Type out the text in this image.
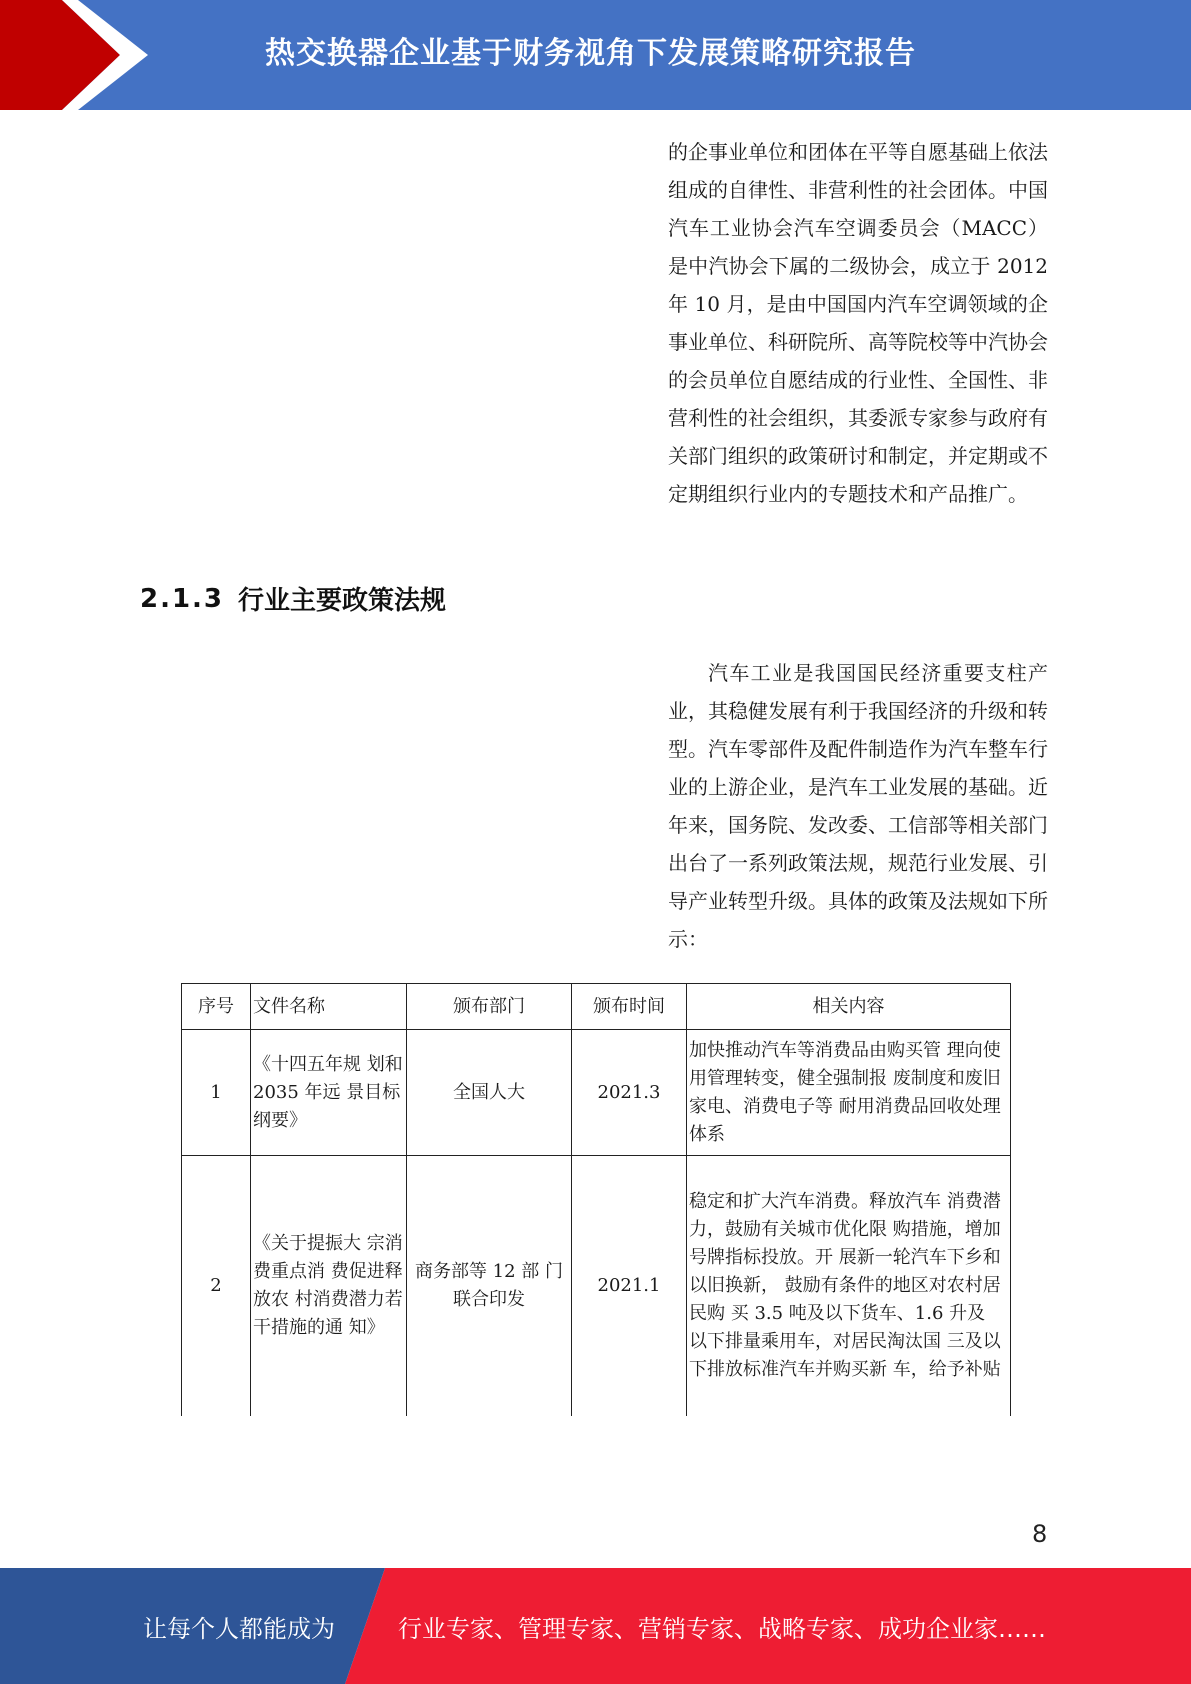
热交换器企业基于财务视角下发展策略研究报告

的企事业单位和团体在平等自愿基础上依法组成的自律性、非营利性的社会团体。中国汽车工业协会汽车空调委员会（MACC）是中汽协会下属的二级协会，成立于 2012 年 10 月，是由中国国内汽车空调领域的企事业单位、科研院所、高等院校等中汽协会的会员单位自愿结成的行业性、全国性、非营利性的社会组织，其委派专家参与政府有关部门组织的政策研讨和制定，并定期或不定期组织行业内的专题技术和产品推广。

2.1.3 行业主要政策法规

汽车工业是我国国民经济重要支柱产业，其稳健发展有利于我国经济的升级和转型。汽车零部件及配件制造作为汽车整车行业的上游企业，是汽车工业发展的基础。近年来，国务院、发改委、工信部等相关部门出台了一系列政策法规，规范行业发展、引导产业转型升级。具体的政策及法规如下所示：

序号	文件名称	颁布部门	颁布时间	相关内容
1	《十四五年规 划和 2035 年远 景目标纲要》	全国人大	2021.3	加快推动汽车等消费品由购买管 理向使用管理转变，健全强制报 废制度和废旧家电、消费电子等 耐用消费品回收处理体系
2	《关于提振大 宗消费重点消 费促进释放农 村消费潜力若 干措施的通 知》	商务部等 12 部 门联合印发	2021.1	稳定和扩大汽车消费。释放汽车 消费潜力，鼓励有关城市优化限 购措施，增加号牌指标投放。开 展新一轮汽车下乡和以旧换新， 鼓励有条件的地区对农村居民购 买 3.5 吨及以下货车、1.6 升及 以下排量乘用车，对居民淘汰国 三及以下排放标准汽车并购买新 车，给予补贴
8
让每个人都能成为	行业专家、管理专家、营销专家、战略专家、成功企业家……
